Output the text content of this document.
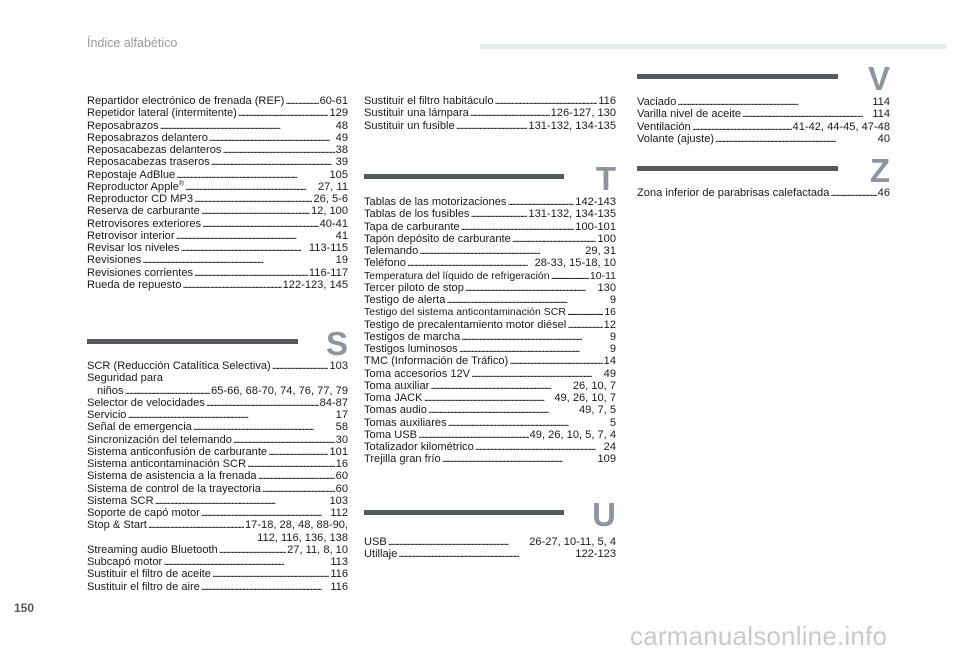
Índice alfabético
Repartidor electrónico de frenada (REF) . . .	60-61
Repetidor lateral (intermitente) . . .	129
Reposabrazos . . .	48
Reposabrazos delantero . . .	49
Reposacabezas delanteros . . .	38
Reposacabezas traseros . . .	39
Repostaje AdBlue . . .	105
Reproductor Apple® . . .	27, 11
Reproductor CD MP3 . . .	26, 5-6
Reserva de carburante . . .	12, 100
Retrovisores exteriores . . .	40-41
Retrovisor interior . . .	41
Revisar los niveles . . .	113-115
Revisiones . . .	19
Revisiones corrientes . . .	116-117
Rueda de repuesto . . .	122-123, 145
S
SCR (Reducción Catalítica Selectiva) . . .	103
Seguridad para
niños . . .	65-66, 68-70, 74, 76, 77, 79
Selector de velocidades . . .	84-87
Servicio . . .	17
Señal de emergencia . . .	58
Sincronización del telemando . . .	30
Sistema anticonfusión de carburante . . .	101
Sistema anticontaminación SCR . . .	16
Sistema de asistencia a la frenada . . .	60
Sistema de control de la trayectoria . . .	60
Sistema SCR . . .	103
Soporte de capó motor . . .	112
Stop & Start . . .	17-18, 28, 48, 88-90,
112, 116, 136, 138
Streaming audio Bluetooth . . .	27, 11, 8, 10
Subcapó motor . . .	113
Sustituir el filtro de aceite . . .	116
Sustituir el filtro de aire . . .	116
Sustituir el filtro habitáculo . . .	116
Sustituir una lámpara . . .	126-127, 130
Sustituir un fusible . . .	131-132, 134-135
T
Tablas de las motorizaciones . . .	142-143
Tablas de los fusibles . . .	131-132, 134-135
Tapa de carburante . . .	100-101
Tapón depósito de carburante . . .	100
Telemando . . .	29, 31
Teléfono . . .	28-33, 15-18, 10
Temperatura del líquido de refrigeración . . .	10-11
Tercer piloto de stop . . .	130
Testigo de alerta . . .	9
Testigo del sistema anticontaminación SCR . . .	16
Testigo de precalentamiento motor diésel . . .	12
Testigos de marcha . . .	9
Testigos luminosos . . .	9
TMC (Información de Tráfico) . . .	14
Toma accesorios 12V . . .	49
Toma auxiliar . . .	26, 10, 7
Toma JACK . . .	49, 26, 10, 7
Tomas audio . . .	49, 7, 5
Tomas auxiliares . . .	5
Toma USB . . .	49, 26, 10, 5, 7, 4
Totalizador kilométrico . . .	24
Trejilla gran frío . . .	109
U
USB . . .	26-27, 10-11, 5, 4
Utillaje . . .	122-123
V
Vaciado . . .	114
Varilla nivel de aceite . . .	114
Ventilación . . .	41-42, 44-45, 47-48
Volante (ajuste) . . .	40
Z
Zona inferior de parabrisas calefactada . . .	46
150
carmanualsonline.info
